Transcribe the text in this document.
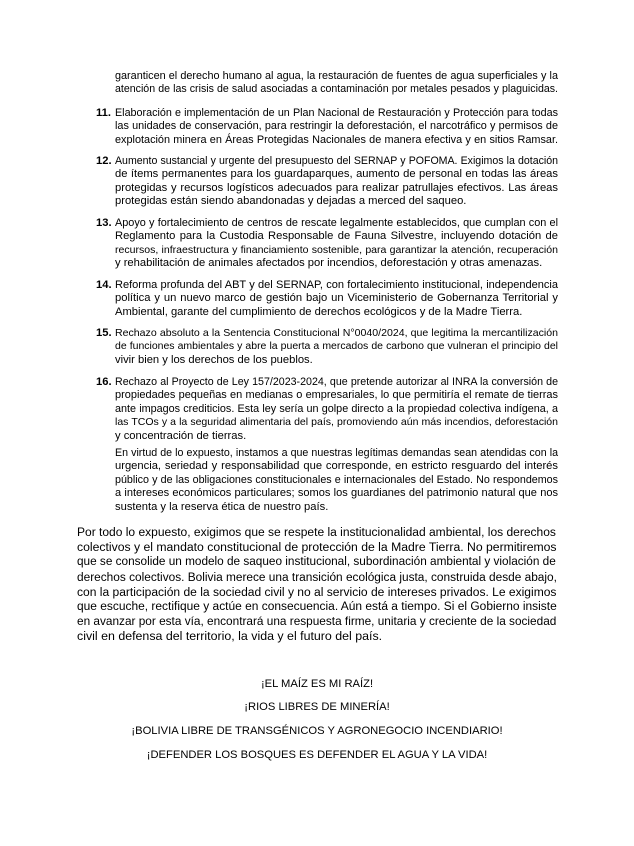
garanticen el derecho humano al agua, la restauración de fuentes de agua superficiales y la
atención de las crisis de salud asociadas a contaminación por metales pesados y plaguicidas.
11. Elaboración e implementación de un Plan Nacional de Restauración y Protección para todas
las unidades de conservación, para restringir la deforestación, el narcotráfico y permisos de
explotación minera en Áreas Protegidas Nacionales de manera efectiva y en sitios Ramsar.
12. Aumento sustancial y urgente del presupuesto del SERNAP y POFOMA. Exigimos la dotación
de ítems permanentes para los guardaparques, aumento de personal en todas las áreas
protegidas y recursos logísticos adecuados para realizar patrullajes efectivos. Las áreas
protegidas están siendo abandonadas y dejadas a merced del saqueo.
13. Apoyo y fortalecimiento de centros de rescate legalmente establecidos, que cumplan con el
Reglamento para la Custodia Responsable de Fauna Silvestre, incluyendo dotación de
recursos, infraestructura y financiamiento sostenible, para garantizar la atención, recuperación
y rehabilitación de animales afectados por incendios, deforestación y otras amenazas.
14. Reforma profunda del ABT y del SERNAP, con fortalecimiento institucional, independencia
política y un nuevo marco de gestión bajo un Viceministerio de Gobernanza Territorial y
Ambiental, garante del cumplimiento de derechos ecológicos y de la Madre Tierra.
15. Rechazo absoluto a la Sentencia Constitucional N°0040/2024, que legitima la mercantilización
de funciones ambientales y abre la puerta a mercados de carbono que vulneran el principio del
vivir bien y los derechos de los pueblos.
16. Rechazo al Proyecto de Ley 157/2023-2024, que pretende autorizar al INRA la conversión de
propiedades pequeñas en medianas o empresariales, lo que permitiría el remate de tierras
ante impagos crediticios. Esta ley sería un golpe directo a la propiedad colectiva indígena, a
las TCOs y a la seguridad alimentaria del país, promoviendo aún más incendios, deforestación
y concentración de tierras.
En virtud de lo expuesto, instamos a que nuestras legítimas demandas sean atendidas con la
urgencia, seriedad y responsabilidad que corresponde, en estricto resguardo del interés
público y de las obligaciones constitucionales e internacionales del Estado. No respondemos
a intereses económicos particulares; somos los guardianes del patrimonio natural que nos
sustenta y la reserva ética de nuestro país.
Por todo lo expuesto, exigimos que se respete la institucionalidad ambiental, los derechos
colectivos y el mandato constitucional de protección de la Madre Tierra. No permitiremos
que se consolide un modelo de saqueo institucional, subordinación ambiental y violación de
derechos colectivos. Bolivia merece una transición ecológica justa, construida desde abajo,
con la participación de la sociedad civil y no al servicio de intereses privados. Le exigimos
que escuche, rectifique y actúe en consecuencia. Aún está a tiempo. Si el Gobierno insiste
en avanzar por esta vía, encontrará una respuesta firme, unitaria y creciente de la sociedad
civil en defensa del territorio, la vida y el futuro del país.
¡EL MAÍZ ES MI RAÍZ!
¡RIOS LIBRES DE MINERÍA!
¡BOLIVIA LIBRE DE TRANSGÉNICOS Y AGRONEGOCIO INCENDIARIO!
¡DEFENDER LOS BOSQUES ES DEFENDER EL AGUA Y LA VIDA!
